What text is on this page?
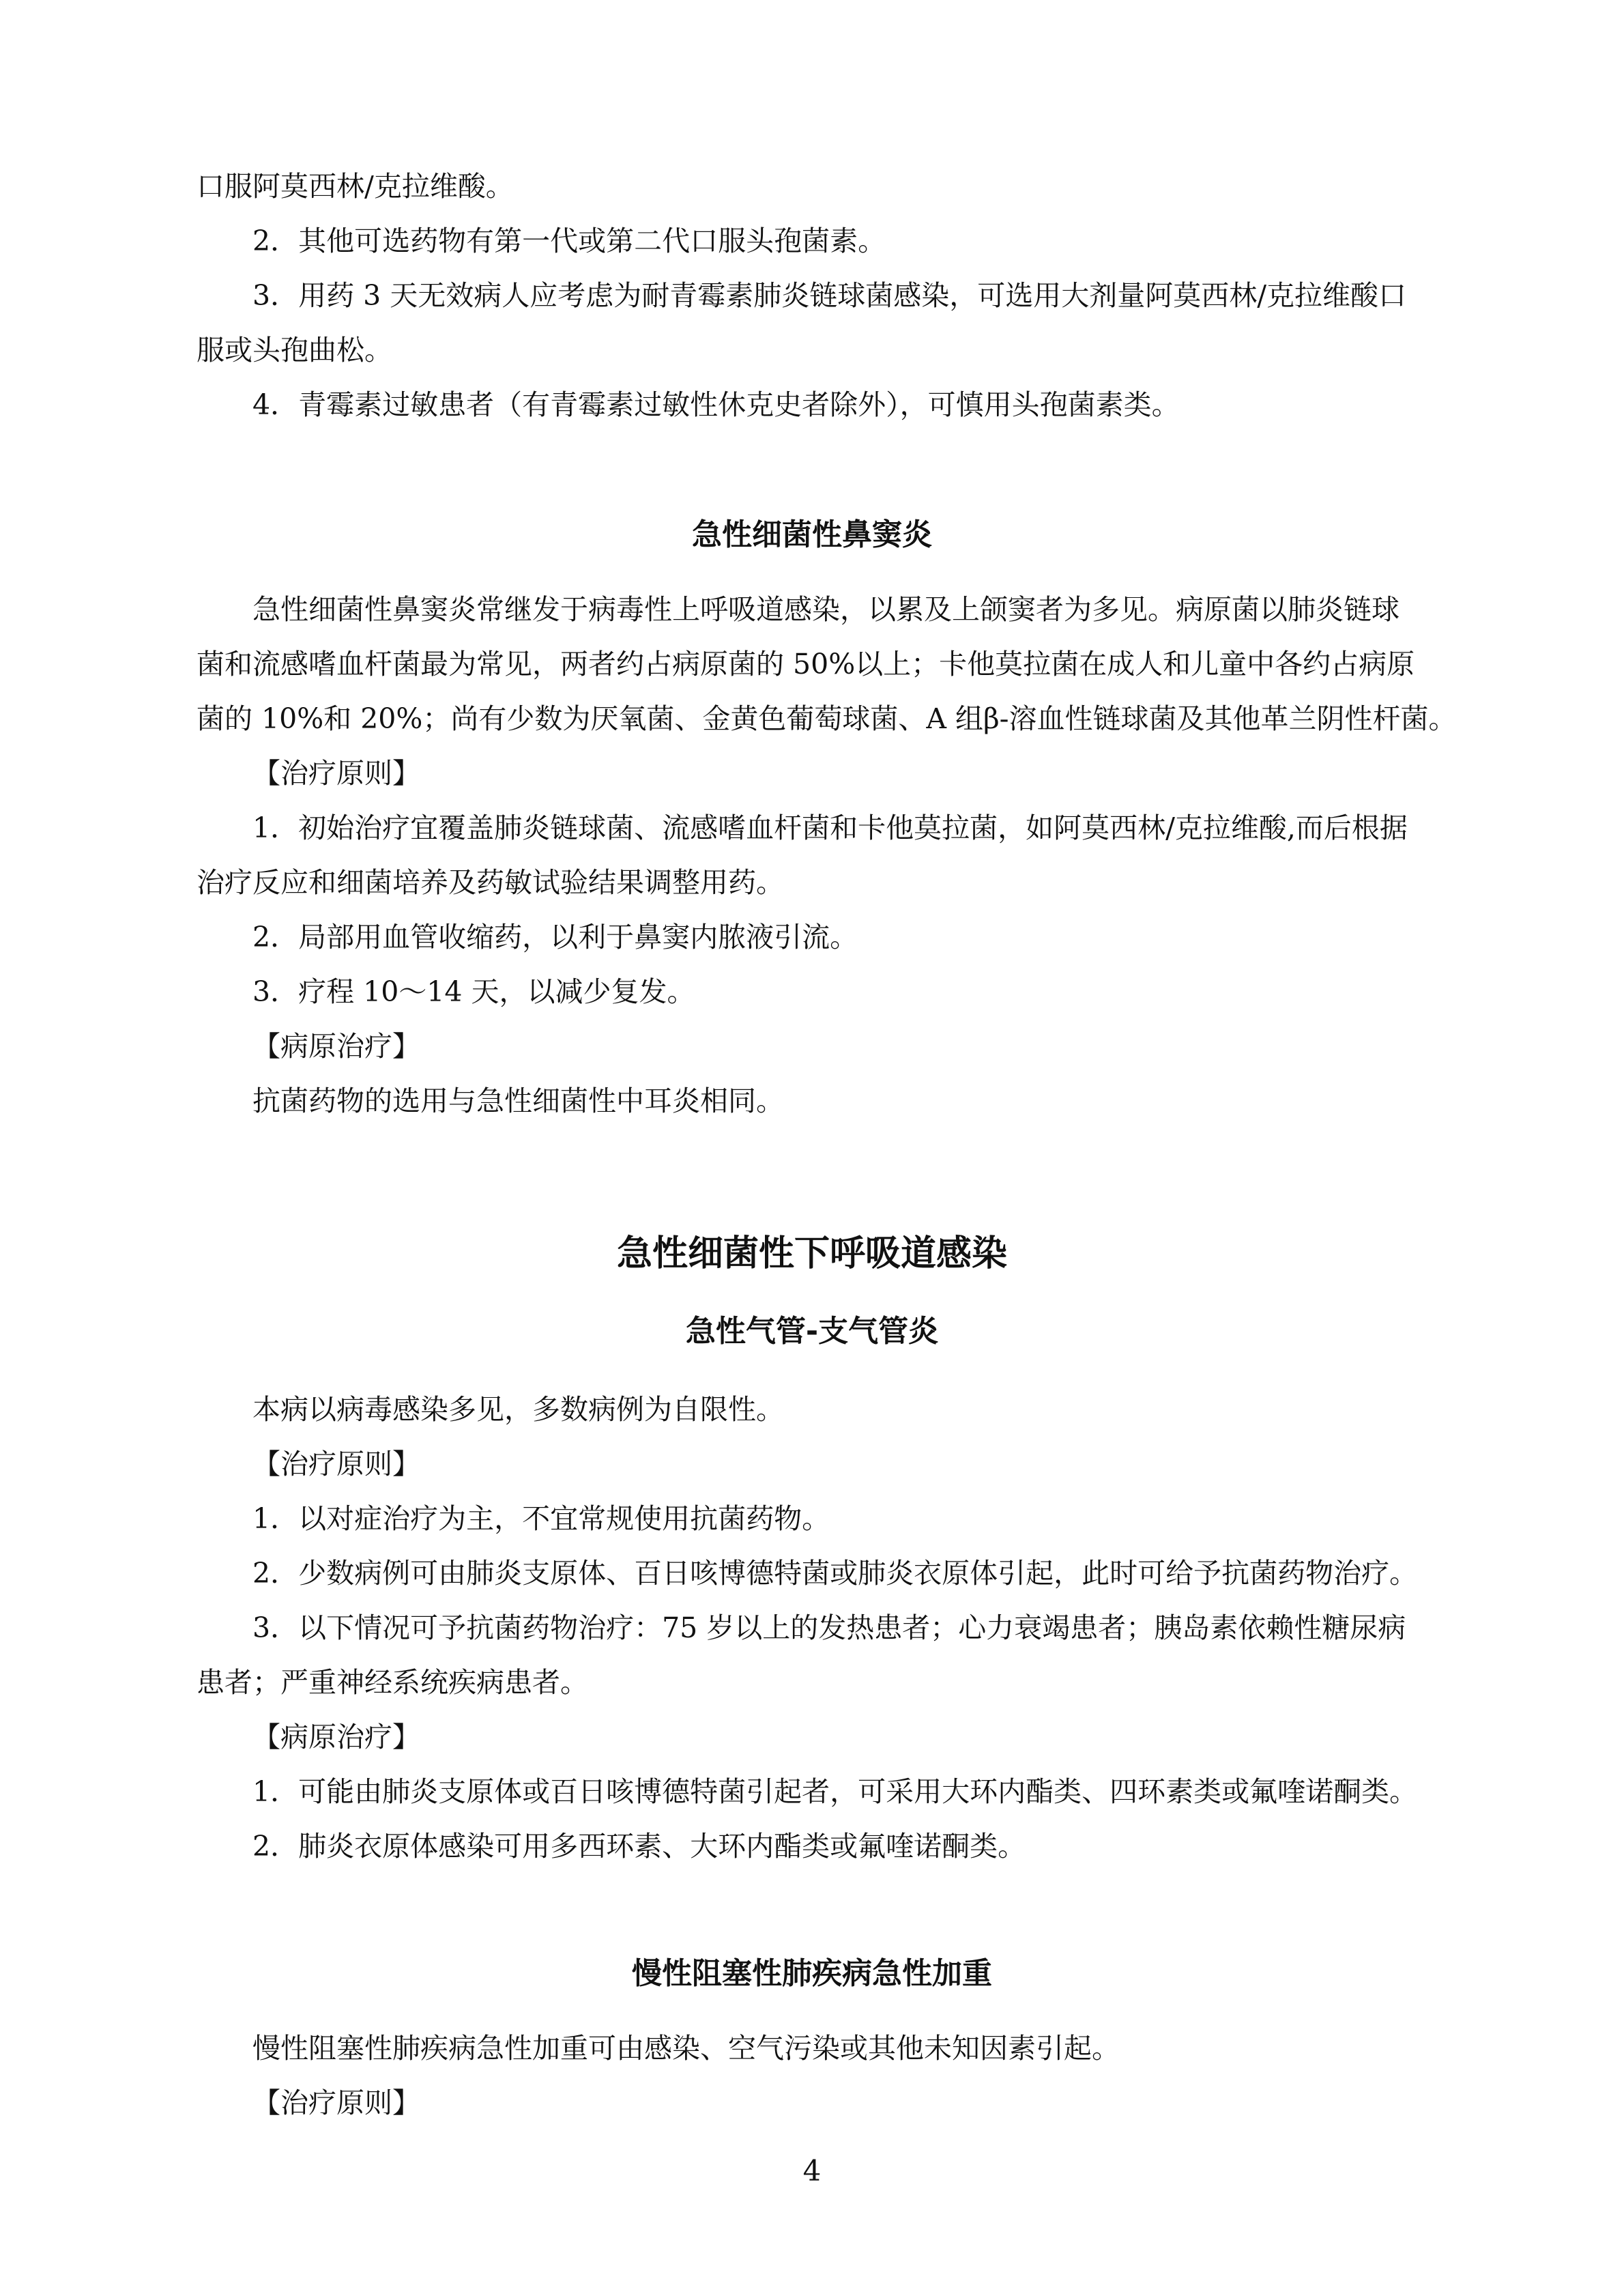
口服阿莫西林/克拉维酸。
2．其他可选药物有第一代或第二代口服头孢菌素。
3．用药 3 天无效病人应考虑为耐青霉素肺炎链球菌感染，可选用大剂量阿莫西林/克拉维酸口
服或头孢曲松。
4．青霉素过敏患者（有青霉素过敏性休克史者除外），可慎用头孢菌素类。
急性细菌性鼻窦炎
急性细菌性鼻窦炎常继发于病毒性上呼吸道感染，以累及上颌窦者为多见。病原菌以肺炎链球
菌和流感嗜血杆菌最为常见，两者约占病原菌的 50%以上；卡他莫拉菌在成人和儿童中各约占病原
菌的 10%和 20%；尚有少数为厌氧菌、金黄色葡萄球菌、A 组β-溶血性链球菌及其他革兰阴性杆菌。
【治疗原则】
1．初始治疗宜覆盖肺炎链球菌、流感嗜血杆菌和卡他莫拉菌，如阿莫西林/克拉维酸,而后根据
治疗反应和细菌培养及药敏试验结果调整用药。
2．局部用血管收缩药，以利于鼻窦内脓液引流。
3．疗程 10～14 天，以减少复发。
【病原治疗】
抗菌药物的选用与急性细菌性中耳炎相同。
急性细菌性下呼吸道感染
急性气管-支气管炎
本病以病毒感染多见，多数病例为自限性。
【治疗原则】
1．以对症治疗为主，不宜常规使用抗菌药物。
2．少数病例可由肺炎支原体、百日咳博德特菌或肺炎衣原体引起，此时可给予抗菌药物治疗。
3．以下情况可予抗菌药物治疗：75 岁以上的发热患者；心力衰竭患者；胰岛素依赖性糖尿病
患者；严重神经系统疾病患者。
【病原治疗】
1．可能由肺炎支原体或百日咳博德特菌引起者，可采用大环内酯类、四环素类或氟喹诺酮类。
2．肺炎衣原体感染可用多西环素、大环内酯类或氟喹诺酮类。
慢性阻塞性肺疾病急性加重
慢性阻塞性肺疾病急性加重可由感染、空气污染或其他未知因素引起。
【治疗原则】
4
